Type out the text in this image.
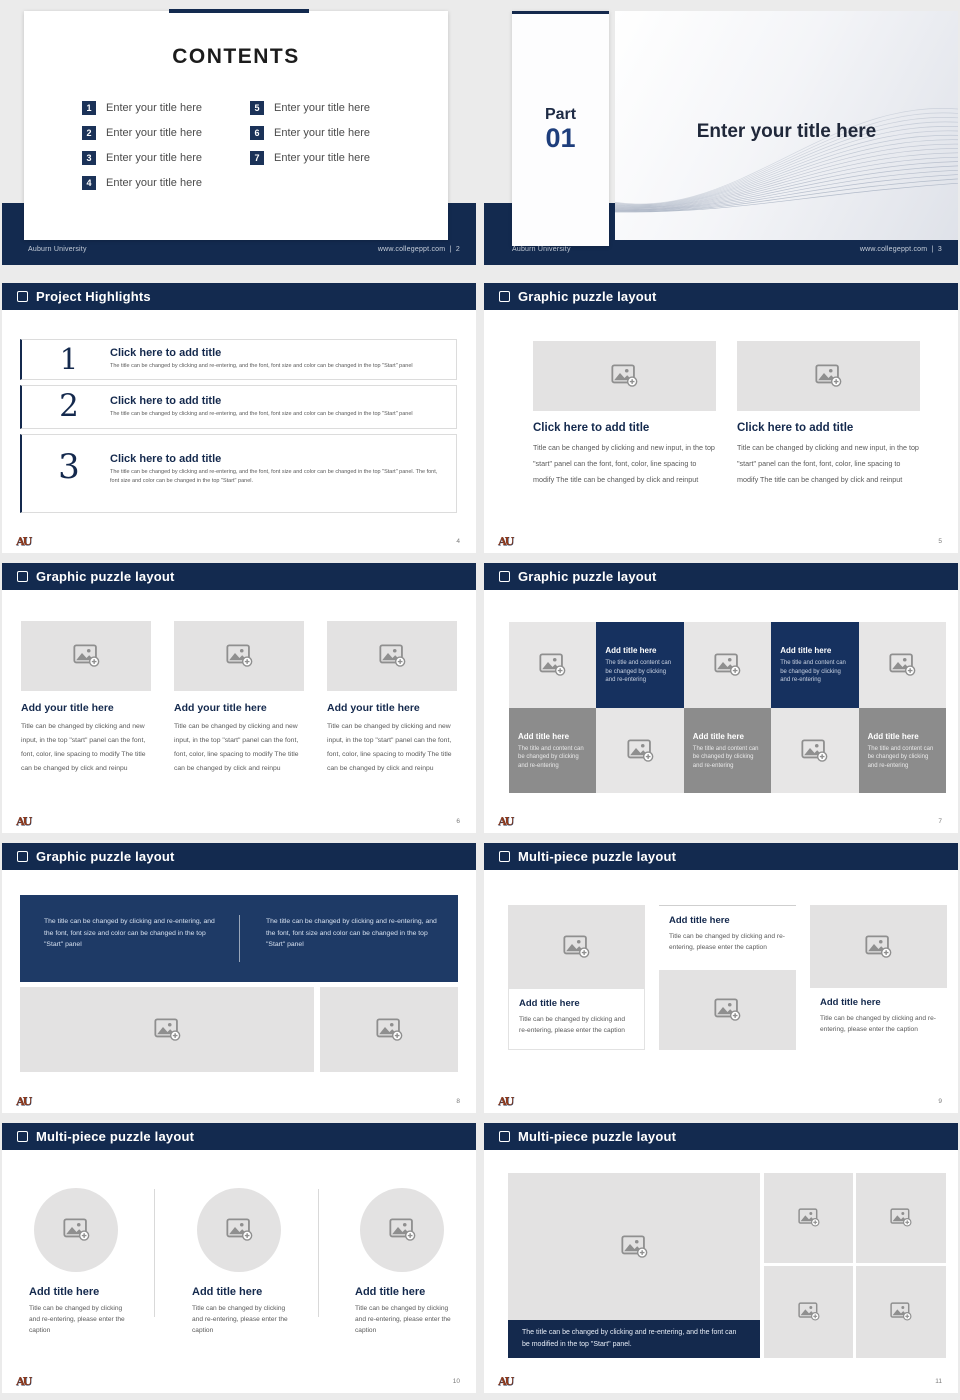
CONTENTS
1	Enter your title here
2	Enter your title here
3	Enter your title here
4	Enter your title here
5	Enter your title here
6	Enter your title here
7	Enter your title here
Auburn University	www.collegeppt.com | 2
Enter your title here
Part
01
Auburn University	www.collegeppt.com | 3
Project Highlights
1	Click here to add title
The title can be changed by clicking and re-entering, and the font, font size and color can be changed in the top "Start" panel
2	Click here to add title
The title can be changed by clicking and re-entering, and the font, font size and color can be changed in the top "Start" panel
3	Click here to add title
The title can be changed by clicking and re-entering, and the font, font size and color can be changed in the top "Start" panel. The font, font size and color can be changed in the top "Start" panel.
AU	4
Graphic puzzle layout
Click here to add title
Title can be changed by clicking and new input, in the top "start" panel can the font, font, color, line spacing to modify The title can be changed by click and reinput
Click here to add title
Title can be changed by clicking and new input, in the top "start" panel can the font, font, color, line spacing to modify The title can be changed by click and reinput
AU	5
Graphic puzzle layout
Add your title here
Title can be changed by clicking and new input, in the top "start" panel can the font, font, color, line spacing to modify The title can be changed by click and reinpu
Add your title here
Title can be changed by clicking and new input, in the top "start" panel can the font, font, color, line spacing to modify The title can be changed by click and reinpu
Add your title here
Title can be changed by clicking and new input, in the top "start" panel can the font, font, color, line spacing to modify The title can be changed by click and reinpu
AU	6
Graphic puzzle layout
Add title here
The title and content can be changed by clicking and re-entering
Add title here
The title and content can be changed by clicking and re-entering
Add title here
The title and content can be changed by clicking and re-entering
Add title here
The title and content can be changed by clicking and re-entering
Add title here
The title and content can be changed by clicking and re-entering
AU	7
Graphic puzzle layout
The title can be changed by clicking and re-entering, and the font, font size and color can be changed in the top "Start" panel
The title can be changed by clicking and re-entering, and the font, font size and color can be changed in the top "Start" panel
AU	8
Multi-piece puzzle layout
Add title here
Title can be changed by clicking and re-entering, please enter the caption
Add title here
Title can be changed by clicking and re-entering, please enter the caption
Add title here
Title can be changed by clicking and re-entering, please enter the caption
AU	9
Multi-piece puzzle layout
Add title here
Title can be changed by clicking and re-entering, please enter the caption
Add title here
Title can be changed by clicking and re-entering, please enter the caption
Add title here
Title can be changed by clicking and re-entering, please enter the caption
AU	10
Multi-piece puzzle layout
The title can be changed by clicking and re-entering, and the font can be modified in the top "Start" panel.
AU	11
